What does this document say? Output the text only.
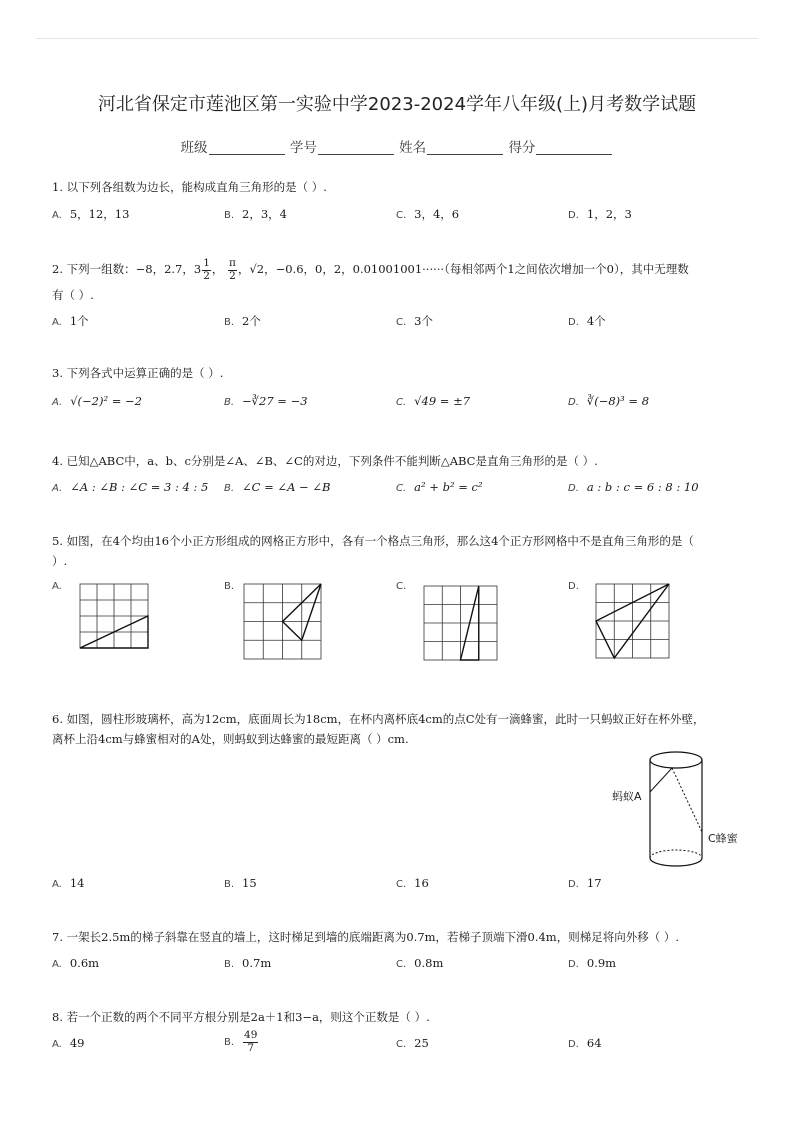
河北省保定市莲池区第一实验中学2023-2024学年八年级(上)月考数学试题
班级	学号	姓名	得分
1. 以下列各组数为边长，能构成直角三角形的是（ ）.
A. 5，12，13	B. 2，3，4	C. 3，4，6	D. 1，2，3
2. 下列一组数：−8，2.7，$3 \frac{1}{2}$ ， $\frac{\pi}{2}$ ，√2，−0.6，0，2，0.01001001······（每相邻两个1之间依次增加一个0），其中无理数
有（ ）.
A. 1个	B. 2个	C. 3个	D. 4个
3. 下列各式中运算正确的是（ ）.
A. √(−2)² = −2	B. −∛27 = −3	C. √49 = ±7	D. ∛(−8)³ = 8
4. 已知△ABC中，a、b、c分别是∠A、∠B、∠C的对边，下列条件不能判断△ABC是直角三角形的是（ ）.
A. ∠A : ∠B : ∠C = 3 : 4 : 5 B. ∠C = ∠A − ∠B	C. a² + b² = c²	D. a : b : c = 6 : 8 : 10
5. 如图，在4个均由16个小正方形组成的网格正方形中，各有一个格点三角形，那么这4个正方形网格中不是直角三角形的是（
）.
A.	B.	C.	D.
6. 如图，圆柱形玻璃杯，高为12cm，底面周长为18cm，在杯内离杯底4cm的点C处有一滴蜂蜜，此时一只蚂蚁正好在杯外壁，
离杯上沿4cm与蜂蜜相对的A处，则蚂蚁到达蜂蜜的最短距离（ ）cm.
蚂蚁A
C蜂蜜
A. 14	B. 15	C. 16	D. 17
7. 一架长2.5m的梯子斜靠在竖直的墙上，这时梯足到墙的底端距离为0.7m，若梯子顶端下滑0.4m，则梯足将向外移（ ）.
A. 0.6m	B. 0.7m	C. 0.8m	D. 0.9m
8. 若一个正数的两个不同平方根分别是2a＋1和3−a，则这个正数是（ ）.
A. 49	B. $\frac{49}{7}$	C. 25	D. 64
